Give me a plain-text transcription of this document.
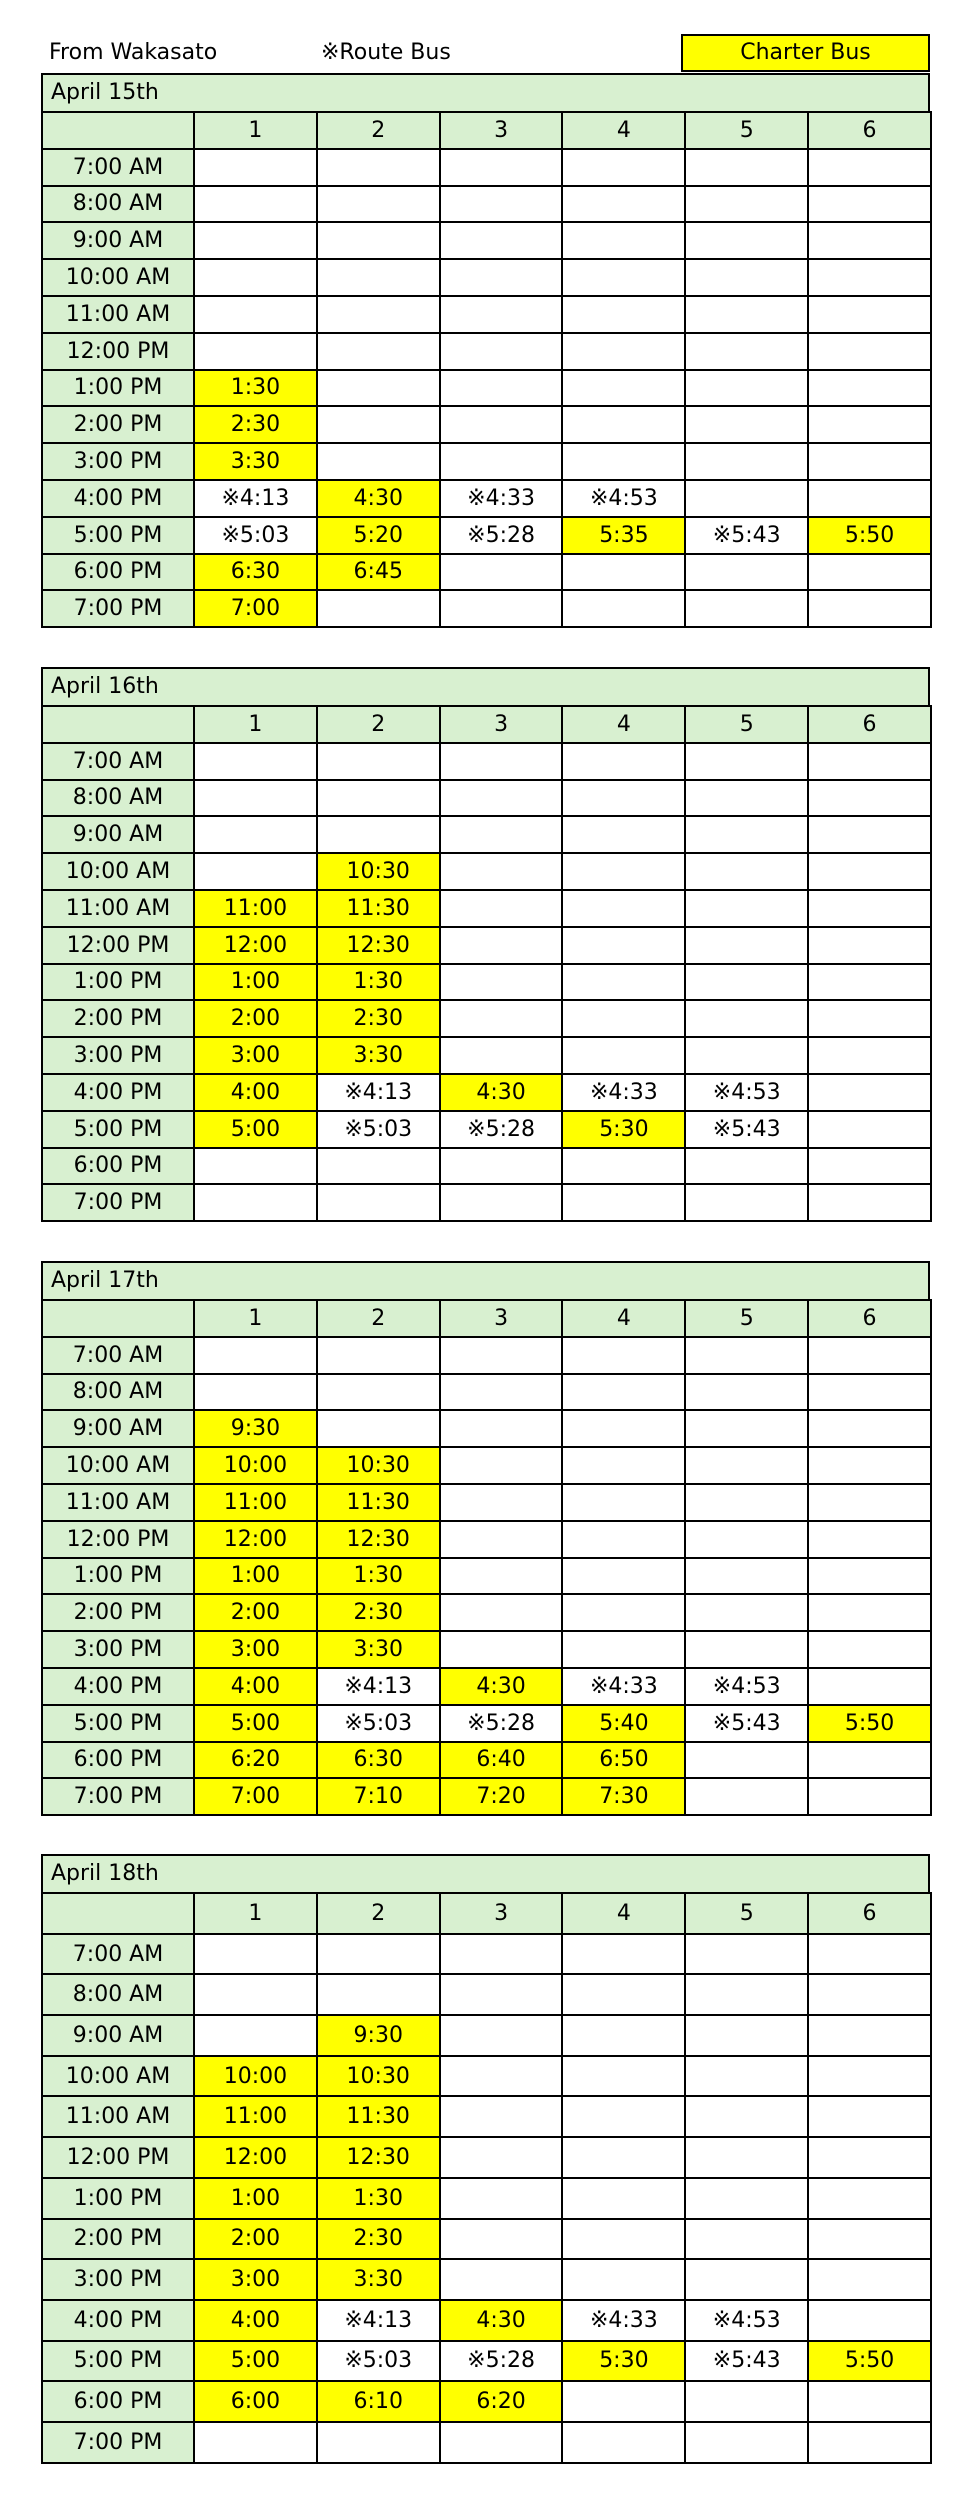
From Wakasato	※Route Bus	Charter Bus
April 15th
	1	2	3	4	5	6
7:00 AM						
8:00 AM						
9:00 AM						
10:00 AM						
11:00 AM						
12:00 PM						
1:00 PM	1:30					
2:00 PM	2:30					
3:00 PM	3:30					
4:00 PM	※4:13	4:30	※4:33	※4:53		
5:00 PM	※5:03	5:20	※5:28	5:35	※5:43	5:50
6:00 PM	6:30	6:45				
7:00 PM	7:00					
April 16th
	1	2	3	4	5	6
7:00 AM						
8:00 AM						
9:00 AM						
10:00 AM		10:30				
11:00 AM	11:00	11:30				
12:00 PM	12:00	12:30				
1:00 PM	1:00	1:30				
2:00 PM	2:00	2:30				
3:00 PM	3:00	3:30				
4:00 PM	4:00	※4:13	4:30	※4:33	※4:53	
5:00 PM	5:00	※5:03	※5:28	5:30	※5:43	
6:00 PM						
7:00 PM						
April 17th
	1	2	3	4	5	6
7:00 AM						
8:00 AM						
9:00 AM	9:30					
10:00 AM	10:00	10:30				
11:00 AM	11:00	11:30				
12:00 PM	12:00	12:30				
1:00 PM	1:00	1:30				
2:00 PM	2:00	2:30				
3:00 PM	3:00	3:30				
4:00 PM	4:00	※4:13	4:30	※4:33	※4:53	
5:00 PM	5:00	※5:03	※5:28	5:40	※5:43	5:50
6:00 PM	6:20	6:30	6:40	6:50		
7:00 PM	7:00	7:10	7:20	7:30		
April 18th
	1	2	3	4	5	6
7:00 AM						
8:00 AM						
9:00 AM		9:30				
10:00 AM	10:00	10:30				
11:00 AM	11:00	11:30				
12:00 PM	12:00	12:30				
1:00 PM	1:00	1:30				
2:00 PM	2:00	2:30				
3:00 PM	3:00	3:30				
4:00 PM	4:00	※4:13	4:30	※4:33	※4:53	
5:00 PM	5:00	※5:03	※5:28	5:30	※5:43	5:50
6:00 PM	6:00	6:10	6:20			
7:00 PM						
